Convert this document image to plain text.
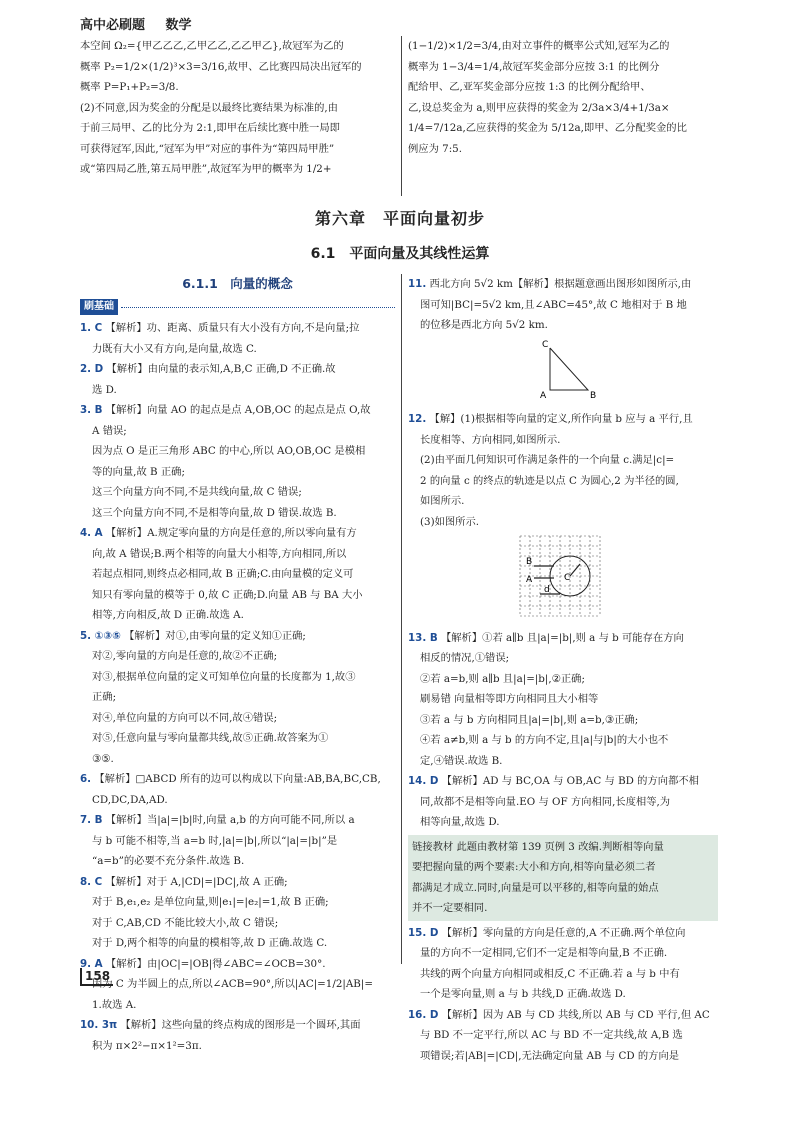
高中必刷题 数学
本空间 Ω₂={甲乙乙乙,乙甲乙乙,乙乙甲乙},故冠军为乙的
概率 P₂=1/2×(1/2)³×3=3/16,故甲、乙比赛四局决出冠军的
概率 P=P₁+P₂=3/8.
(2)不同意,因为奖金的分配是以最终比赛结果为标准的,由
于前三局甲、乙的比分为 2:1,即甲在后续比赛中胜一局即
可获得冠军,因此,“冠军为甲”对应的事件为“第四局甲胜”
或“第四局乙胜,第五局甲胜”,故冠军为甲的概率为 1/2+
(1−1/2)×1/2=3/4,由对立事件的概率公式知,冠军为乙的
概率为 1−3/4=1/4,故冠军奖金部分应按 3:1 的比例分
配给甲、乙,亚军奖金部分应按 1:3 的比例分配给甲、
乙,设总奖金为 a,则甲应获得的奖金为 2/3a×3/4+1/3a×
1/4=7/12a,乙应获得的奖金为 5/12a,即甲、乙分配奖金的比
例应为 7:5.
第六章　平面向量初步
6.1　平面向量及其线性运算
6.1.1　向量的概念
刷基础
1. C 【解析】功、距离、质量只有大小没有方向,不是向量;拉
力既有大小又有方向,是向量,故选 C.
2. D 【解析】由向量的表示知,A,B,C 正确,D 不正确.故
选 D.
3. B 【解析】向量 AO 的起点是点 A,OB,OC 的起点是点 O,故
A 错误;
因为点 O 是正三角形 ABC 的中心,所以 AO,OB,OC 是模相
等的向量,故 B 正确;
这三个向量方向不同,不是共线向量,故 C 错误;
这三个向量方向不同,不是相等向量,故 D 错误.故选 B.
4. A 【解析】A.规定零向量的方向是任意的,所以零向量有方
向,故 A 错误;B.两个相等的向量大小相等,方向相同,所以
若起点相同,则终点必相同,故 B 正确;C.由向量模的定义可
知只有零向量的模等于 0,故 C 正确;D.向量 AB 与 BA 大小
相等,方向相反,故 D 正确.故选 A.
5. ①③⑤ 【解析】对①,由零向量的定义知①正确;
对②,零向量的方向是任意的,故②不正确;
对③,根据单位向量的定义可知单位向量的长度都为 1,故③
正确;
对④,单位向量的方向可以不同,故④错误;
对⑤,任意向量与零向量都共线,故⑤正确.故答案为①
③⑤.
6. 【解析】□ABCD 所有的边可以构成以下向量:AB,BA,BC,CB,
CD,DC,DA,AD.
7. B 【解析】当|a|=|b|时,向量 a,b 的方向可能不同,所以 a
与 b 可能不相等,当 a=b 时,|a|=|b|,所以“|a|=|b|”是
“a=b”的必要不充分条件.故选 B.
8. C 【解析】对于 A,|CD|=|DC|,故 A 正确;
对于 B,e₁,e₂ 是单位向量,则|e₁|=|e₂|=1,故 B 正确;
对于 C,AB,CD 不能比较大小,故 C 错误;
对于 D,两个相等的向量的模相等,故 D 正确.故选 C.
9. A 【解析】由|OC|=|OB|得∠ABC=∠OCB=30°.
因为 C 为半圆上的点,所以∠ACB=90°,所以|AC|=1/2|AB|=
1.故选 A.
10. 3π 【解析】这些向量的终点构成的图形是一个圆环,其面
积为 π×2²−π×1²=3π.
11. 西北方向 5√2 km【解析】根据题意画出图形如图所示,由
图可知|BC|=5√2 km,且∠ABC=45°,故 C 地相对于 B 地
的位移是西北方向 5√2 km.
C
A	B
12. 【解】(1)根据相等向量的定义,所作向量 b 应与 a 平行,且
长度相等、方向相同,如图所示.
(2)由平面几何知识可作满足条件的一个向量 c.满足|c|=
2 的向量 c 的终点的轨迹是以点 C 为圆心,2 为半径的圆,
如图所示.
(3)如图所示.
B
A	C
d
13. B 【解析】①若 a∥b 且|a|=|b|,则 a 与 b 可能存在方向
相反的情况,①错误;
②若 a=b,则 a∥b 且|a|=|b|,②正确;
刷易错 向量相等即方向相同且大小相等
③若 a 与 b 方向相同且|a|=|b|,则 a=b,③正确;
④若 a≠b,则 a 与 b 的方向不定,且|a|与|b|的大小也不
定,④错误.故选 B.
14. D 【解析】AD 与 BC,OA 与 OB,AC 与 BD 的方向都不相
同,故都不是相等向量.EO 与 OF 方向相同,长度相等,为
相等向量,故选 D.
链接教材 此题由教材第 139 页例 3 改编.判断相等向量
要把握向量的两个要素:大小和方向,相等向量必须二者
都满足才成立.同时,向量是可以平移的,相等向量的始点
并不一定要相同.
15. D 【解析】零向量的方向是任意的,A 不正确.两个单位向
量的方向不一定相同,它们不一定是相等向量,B 不正确.
共线的两个向量方向相同或相反,C 不正确.若 a 与 b 中有
一个是零向量,则 a 与 b 共线,D 正确.故选 D.
16. D 【解析】因为 AB 与 CD 共线,所以 AB 与 CD 平行,但 AC
与 BD 不一定平行,所以 AC 与 BD 不一定共线,故 A,B 选
项错误;若|AB|=|CD|,无法确定向量 AB 与 CD 的方向是
158
